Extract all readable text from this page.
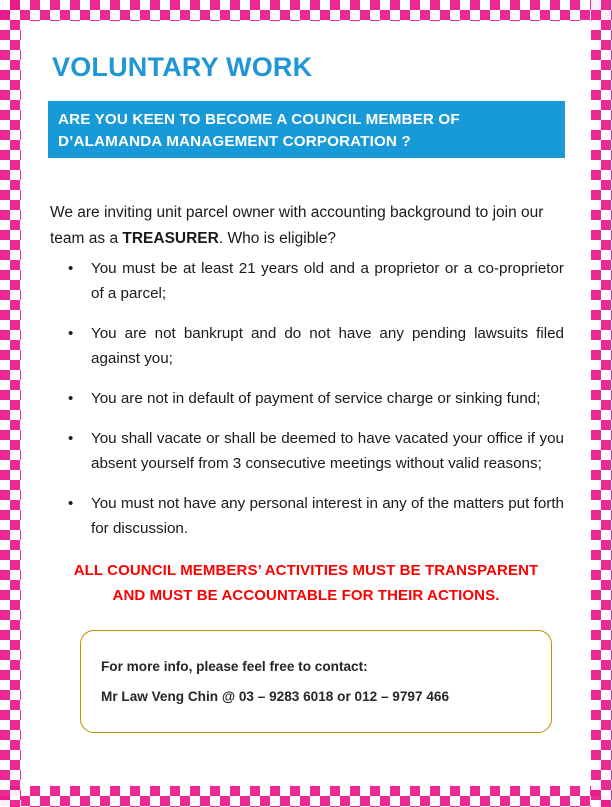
VOLUNTARY WORK
ARE YOU KEEN TO BECOME A COUNCIL MEMBER OF
D’ALAMANDA MANAGEMENT CORPORATION ?
We are inviting unit parcel owner with accounting background to join our team as a TREASURER. Who is eligible?
• You must be at least 21 years old and a proprietor or a co-proprietor of a parcel;
• You are not bankrupt and do not have any pending lawsuits filed against you;
• You are not in default of payment of service charge or sinking fund;
• You shall vacate or shall be deemed to have vacated your office if you absent yourself from 3 consecutive meetings without valid reasons;
• You must not have any personal interest in any of the matters put forth for discussion.
ALL COUNCIL MEMBERS’ ACTIVITIES MUST BE TRANSPARENT
AND MUST BE ACCOUNTABLE FOR THEIR ACTIONS.
For more info, please feel free to contact:
Mr Law Veng Chin @ 03 – 9283 6018 or 012 – 9797 466
